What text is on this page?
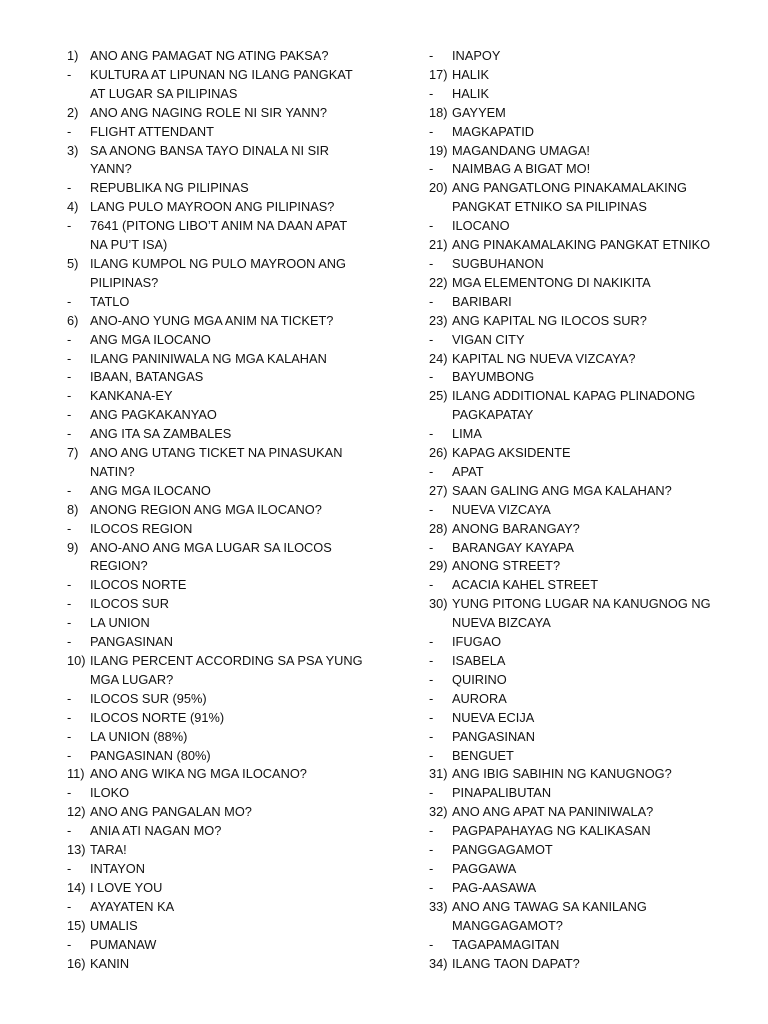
1) ANO ANG PAMAGAT NG ATING PAKSA?
-	KULTURA AT LIPUNAN NG ILANG PANGKAT
AT LUGAR SA PILIPINAS
2) ANO ANG NAGING ROLE NI SIR YANN?
-	FLIGHT ATTENDANT
3) SA ANONG BANSA TAYO DINALA NI SIR
YANN?
-	REPUBLIKA NG PILIPINAS
4) LANG PULO MAYROON ANG PILIPINAS?
-	7641 (PITONG LIBO’T ANIM NA DAAN APAT
NA PU’T ISA)
5) ILANG KUMPOL NG PULO MAYROON ANG
PILIPINAS?
-	TATLO
6) ANO-ANO YUNG MGA ANIM NA TICKET?
-	ANG MGA ILOCANO
-	ILANG PANINIWALA NG MGA KALAHAN
-	IBAAN, BATANGAS
-	KANKANA-EY
-	ANG PAGKAKANYAO
-	ANG ITA SA ZAMBALES
7) ANO ANG UTANG TICKET NA PINASUKAN
NATIN?
-	ANG MGA ILOCANO
8) ANONG REGION ANG MGA ILOCANO?
-	ILOCOS REGION
9) ANO-ANO ANG MGA LUGAR SA ILOCOS
REGION?
-	ILOCOS NORTE
-	ILOCOS SUR
-	LA UNION
-	PANGASINAN
10) ILANG PERCENT ACCORDING SA PSA YUNG
MGA LUGAR?
-	ILOCOS SUR (95%)
-	ILOCOS NORTE (91%)
-	LA UNION (88%)
-	PANGASINAN (80%)
11) ANO ANG WIKA NG MGA ILOCANO?
-	ILOKO
12) ANO ANG PANGALAN MO?
-	ANIA ATI NAGAN MO?
13) TARA!
-	INTAYON
14) I LOVE YOU
-	AYAYATEN KA
15) UMALIS
-	PUMANAW
16) KANIN
-	INAPOY
17) HALIK
-	HALIK
18) GAYYEM
-	MAGKAPATID
19) MAGANDANG UMAGA!
-	NAIMBAG A BIGAT MO!
20) ANG PANGATLONG PINAKAMALAKING
PANGKAT ETNIKO SA PILIPINAS
-	ILOCANO
21) ANG PINAKAMALAKING PANGKAT ETNIKO
-	SUGBUHANON
22) MGA ELEMENTONG DI NAKIKITA
-	BARIBARI
23) ANG KAPITAL NG ILOCOS SUR?
-	VIGAN CITY
24) KAPITAL NG NUEVA VIZCAYA?
-	BAYUMBONG
25) ILANG ADDITIONAL KAPAG PLINADONG
PAGKAPATAY
-	LIMA
26) KAPAG AKSIDENTE
-	APAT
27) SAAN GALING ANG MGA KALAHAN?
-	NUEVA VIZCAYA
28) ANONG BARANGAY?
-	BARANGAY KAYAPA
29) ANONG STREET?
-	ACACIA KAHEL STREET
30) YUNG PITONG LUGAR NA KANUGNOG NG
NUEVA BIZCAYA
-	IFUGAO
-	ISABELA
-	QUIRINO
-	AURORA
-	NUEVA ECIJA
-	PANGASINAN
-	BENGUET
31) ANG IBIG SABIHIN NG KANUGNOG?
-	PINAPALIBUTAN
32) ANO ANG APAT NA PANINIWALA?
-	PAGPAPAHAYAG NG KALIKASAN
-	PANGGAGAMOT
-	PAGGAWA
-	PAG-AASAWA
33) ANO ANG TAWAG SA KANILANG
MANGGAGAMOT?
-	TAGAPAMAGITAN
34) ILANG TAON DAPAT?
